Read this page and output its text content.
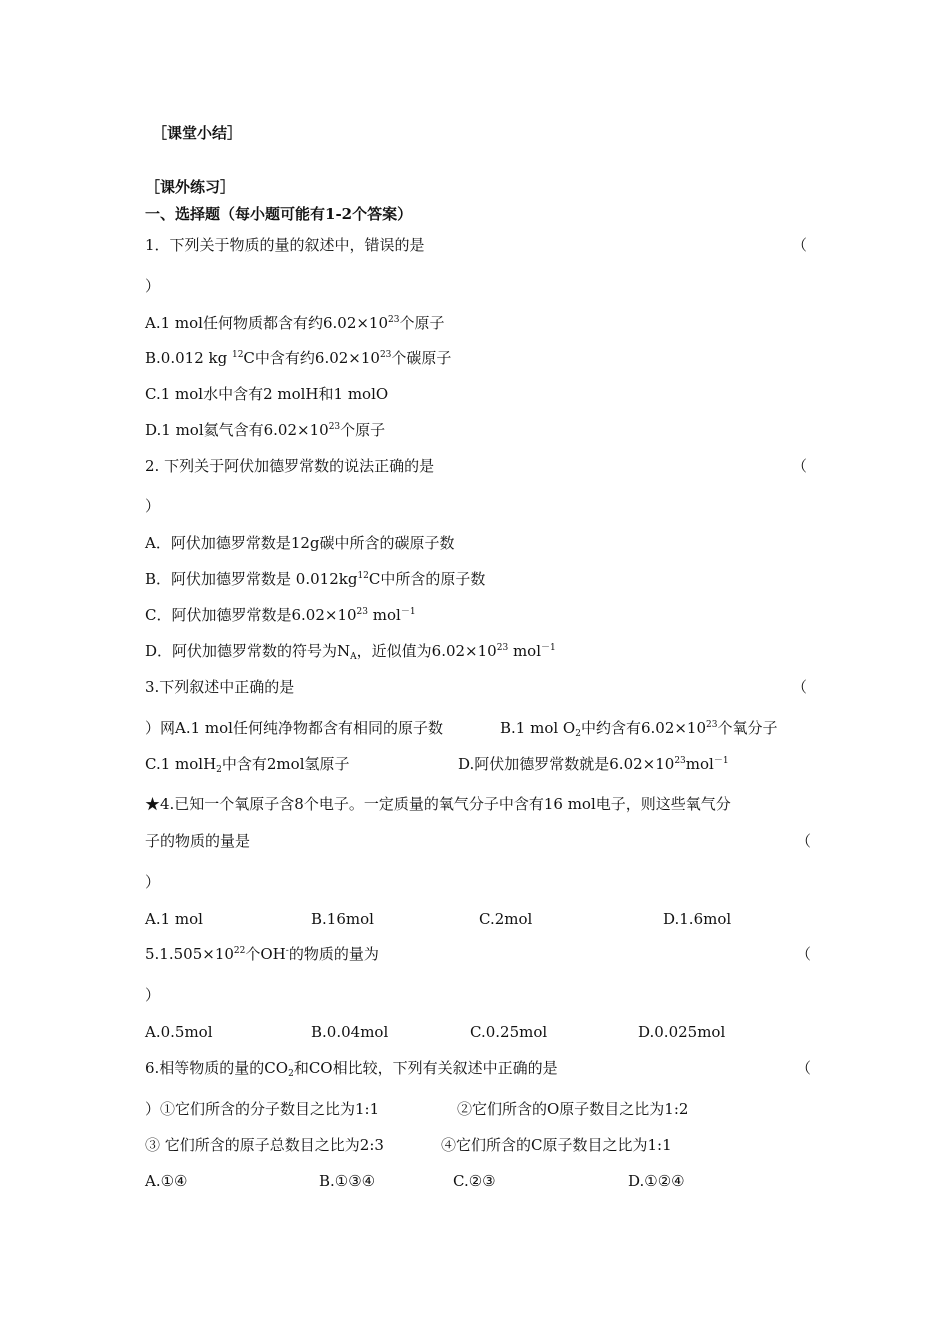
［课堂小结］
［课外练习］
一、选择题（每小题可能有1-2个答案）
1．下列关于物质的量的叙述中，错误的是	（
）
A.1 mol任何物质都含有约$6.02\times 10^{23}$个原子
B.0.012 kg $^{12}$C中含有约$6.02\times 10^{23}$个碳原子
C.1 mol水中含有2 molH和1 molO
D.1 mol氦气含有$6.02\times 10^{23}$个原子
2. 下列关于阿伏加德罗常数的说法正确的是	（
）
A．阿伏加德罗常数是12g碳中所含的碳原子数
B．阿伏加德罗常数是 $0.012kg^{12}C$中所含的原子数
C．阿伏加德罗常数是$6.02\times 10^{23}$ mol$^{-1}$
D．阿伏加德罗常数的符号为$N_A$，近似值为$6.02\times 10^{23}$ mol$^{-1}$
3.下列叙述中正确的是	（
）网A.1 mol任何纯净物都含有相同的原子数	B.1 mol $O_2$中约含有$6.02\times 10^{23}$个氧分子
C.1 molH$_2$中含有2mol氢原子	D.阿伏加德罗常数就是$6.02\times 10^{23}mol^{-1}$
★4.已知一个氧原子含8个电子。一定质量的氧气分子中含有16 mol电子，则这些氧气分
子的物质的量是	（
）
A.1 mol	B.16mol	C.2mol	D.1.6mol
$5.1.505\times 10^{22}$个OH-的物质的量为	（
）
A.0.5mol	B.0.04mol	C.0.25mol	D.0.025mol
6.相等物质的量的$CO_2$和CO相比较，下列有关叙述中正确的是	（
）①它们所含的分子数目之比为1:1	②它们所含的O原子数目之比为1:2
③ 它们所含的原子总数目之比为2:3	④它们所含的C原子数目之比为1:1
A.①④	B.①③④	C.②③	D.①②④
